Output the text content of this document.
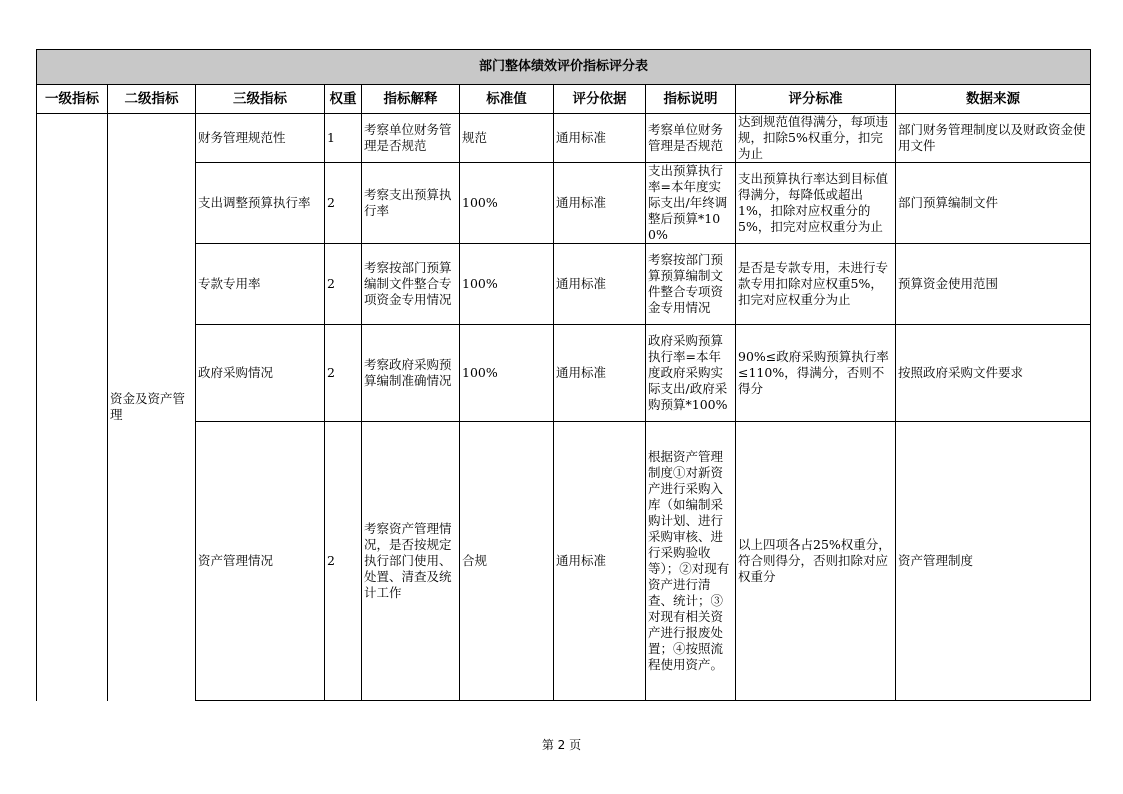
部门整体绩效评价指标评分表									
一级指标	二级指标	三级指标	权重	指标解释	标准值	评分依据	指标说明	评分标准	数据来源
	资金及资产管理	财务管理规范性	1	考察单位财务管理是否规范	规范	通用标准	考察单位财务管理是否规范	达到规范值得满分，每项违规，扣除5%权重分，扣完为止	部门财务管理制度以及财政资金使用文件
		支出调整预算执行率	2	考察支出预算执行率	100%	通用标准	支出预算执行率=本年度实际支出/年终调整后预算*100%	支出预算执行率达到目标值得满分，每降低或超出1%，扣除对应权重分的5%，扣完对应权重分为止	部门预算编制文件
		专款专用率	2	考察按部门预算编制文件整合专项资金专用情况	100%	通用标准	考察按部门预算预算编制文件整合专项资金专用情况	是否是专款专用，未进行专款专用扣除对应权重5%，扣完对应权重分为止	预算资金使用范围
		政府采购情况	2	考察政府采购预算编制准确情况	100%	通用标准	政府采购预算执行率=本年度政府采购实际支出/政府采购预算*100%	90%≤政府采购预算执行率≤110%，得满分，否则不得分	按照政府采购文件要求
		资产管理情况	2	考察资产管理情况，是否按规定执行部门使用、处置、清查及统计工作	合规	通用标准	根据资产管理制度①对新资产进行采购入库（如编制采购计划、进行采购审核、进行采购验收等）；②对现有资产进行清查、统计；③对现有相关资产进行报废处置；④按照流程使用资产。	以上四项各占25%权重分，符合则得分，否则扣除对应权重分	资产管理制度
第 2 页
